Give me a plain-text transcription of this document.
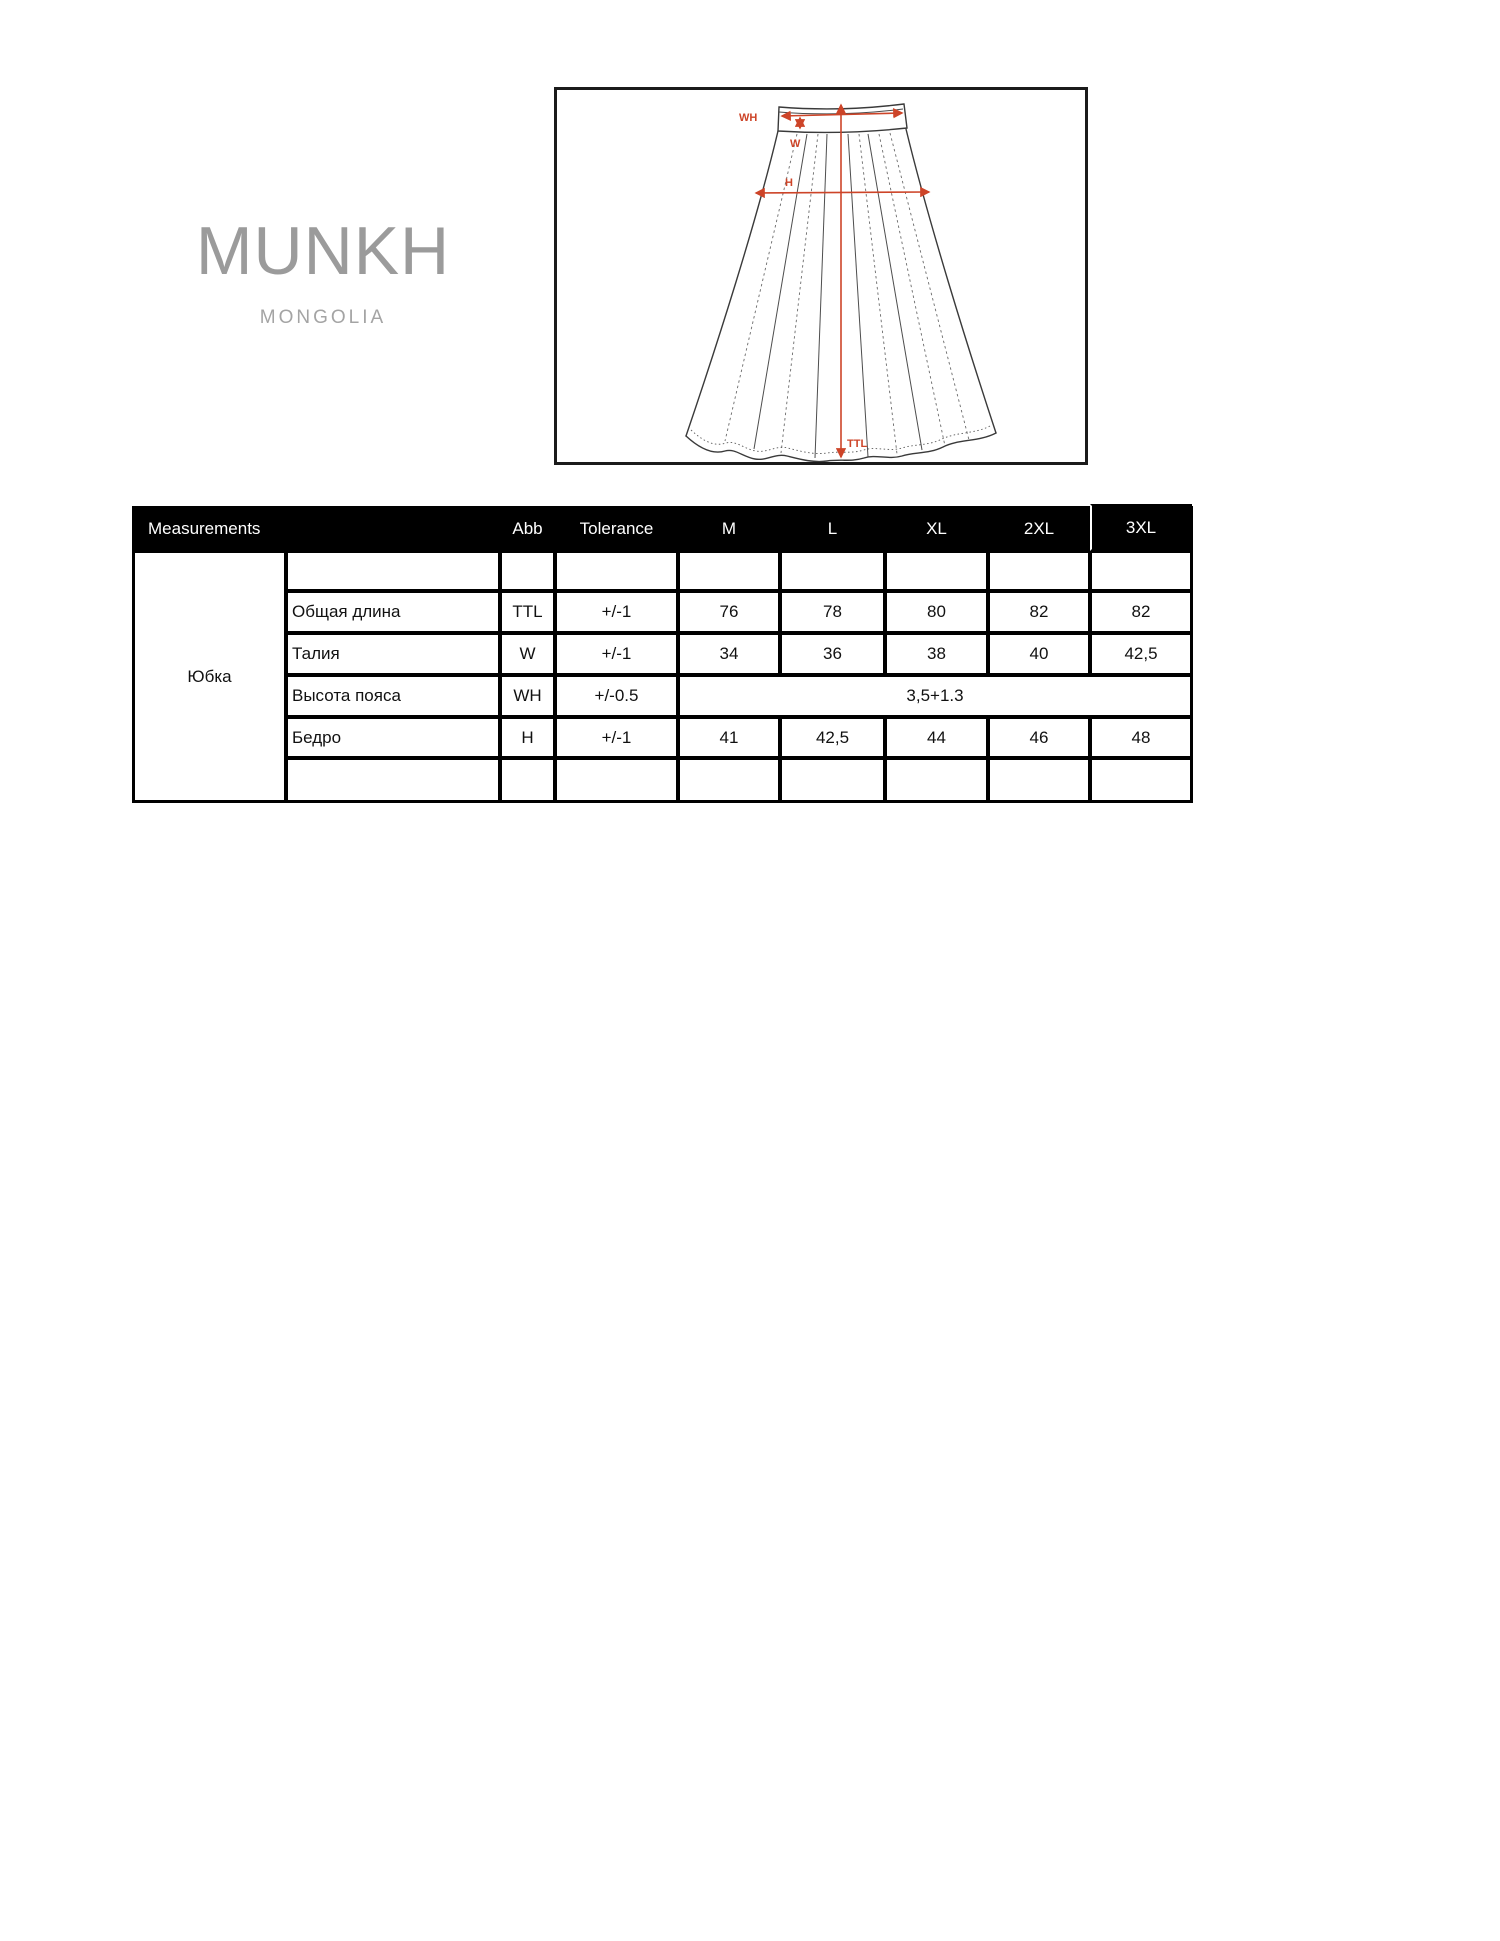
MUNKH
MONGOLIA
WH
W
H
TTL
Measurements	Abb	Tolerance	M	L	XL	2XL	3XL
Юбка
Общая длина	TTL	+/-1	76	78	80	82	82
Талия	W	+/-1	34	36	38	40	42,5
Высота пояса	WH	+/-0.5	3,5+1.3
Бедро	H	+/-1	41	42,5	44	46	48
